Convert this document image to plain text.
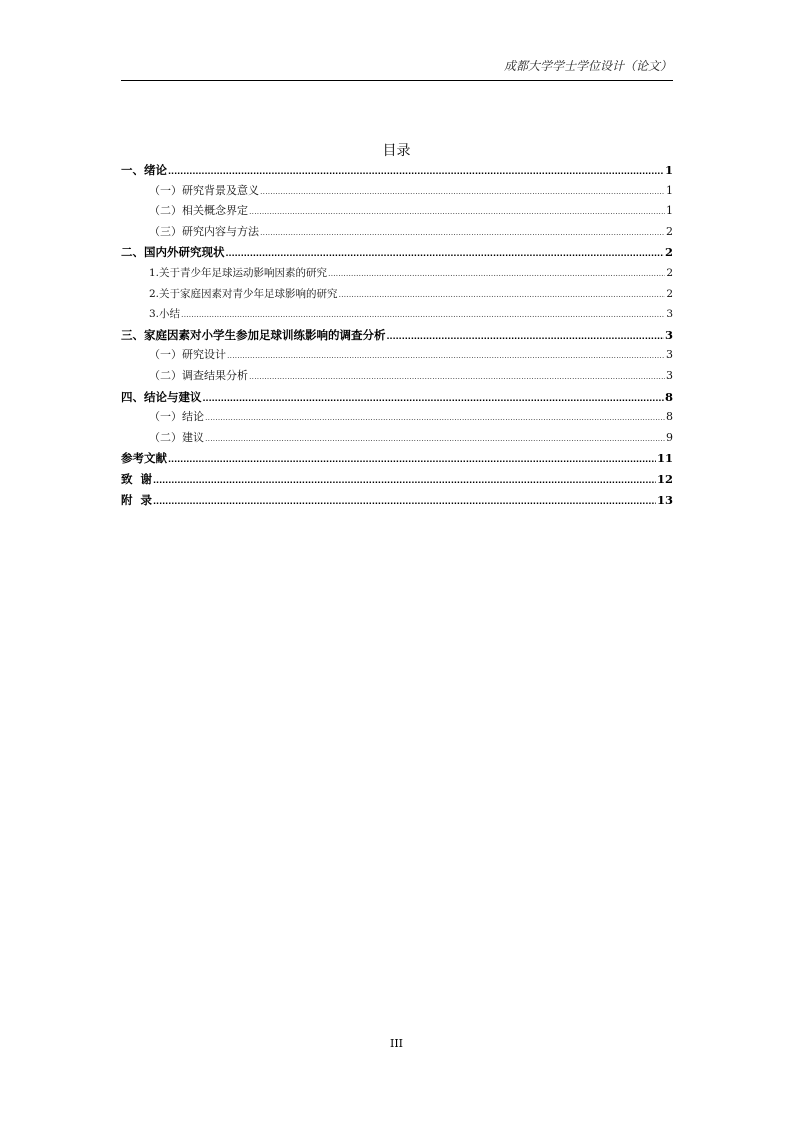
成都大学学士学位设计（论文）
目录
一、绪论 .....	1
（一）研究背景及意义 .....	1
（二）相关概念界定 .....	1
（三）研究内容与方法 .....	2
二、国内外研究现状 .....	2
1.关于青少年足球运动影响因素的研究 .....	2
2.关于家庭因素对青少年足球影响的研究 .....	2
3.小结 .....	3
三、家庭因素对小学生参加足球训练影响的调查分析 .....	3
（一）研究设计 .....	3
（二）调查结果分析 .....	3
四、结论与建议 .....	8
（一）结论 .....	8
（二）建议 .....	9
参考文献 .....	11
致  谢 .....	12
附  录 .....	13
III
